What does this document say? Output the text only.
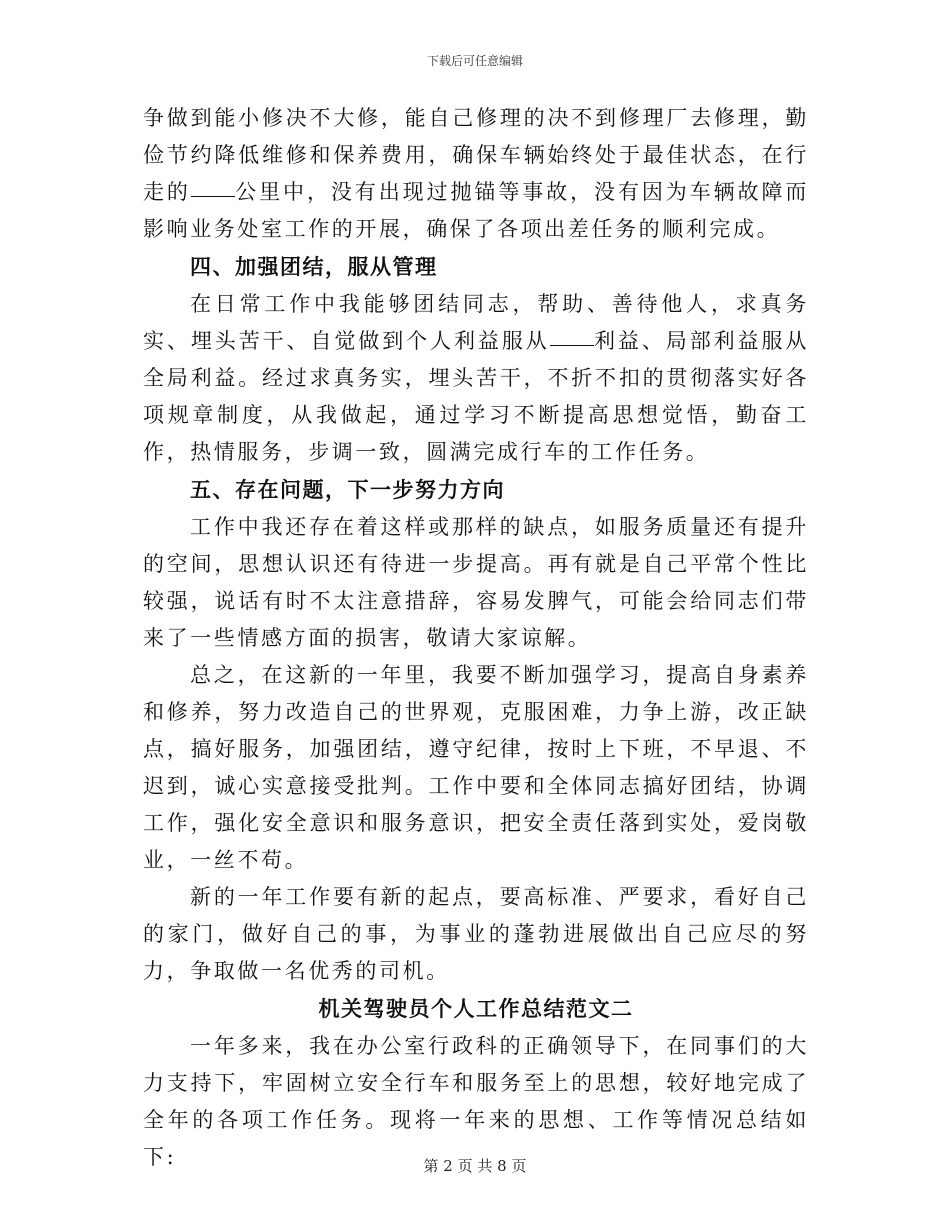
下载后可任意编辑

争做到能小修决不大修，能自己修理的决不到修理厂去修理，勤俭节约降低维修和保养费用，确保车辆始终处于最佳状态，在行走的 公里中，没有出现过抛锚等事故，没有因为车辆故障而影响业务处室工作的开展，确保了各项出差任务的顺利完成。

四、加强团结，服从管理

在日常工作中我能够团结同志，帮助、善待他人，求真务实、埋头苦干、自觉做到个人利益服从 利益、局部利益服从全局利益。经过求真务实，埋头苦干，不折不扣的贯彻落实好各项规章制度，从我做起，通过学习不断提高思想觉悟，勤奋工作，热情服务，步调一致，圆满完成行车的工作任务。

五、存在问题，下一步努力方向

工作中我还存在着这样或那样的缺点，如服务质量还有提升的空间，思想认识还有待进一步提高。再有就是自己平常个性比较强，说话有时不太注意措辞，容易发脾气，可能会给同志们带来了一些情感方面的损害，敬请大家谅解。

总之，在这新的一年里，我要不断加强学习，提高自身素养和修养，努力改造自己的世界观，克服困难，力争上游，改正缺点，搞好服务，加强团结，遵守纪律，按时上下班，不早退、不迟到，诚心实意接受批判。工作中要和全体同志搞好团结，协调工作，强化安全意识和服务意识，把安全责任落到实处，爱岗敬业，一丝不苟。

新的一年工作要有新的起点，要高标准、严要求，看好自己的家门，做好自己的事，为事业的蓬勃进展做出自己应尽的努力，争取做一名优秀的司机。

机关驾驶员个人工作总结范文二

一年多来，我在办公室行政科的正确领导下，在同事们的大力支持下，牢固树立安全行车和服务至上的思想，较好地完成了全年的各项工作任务。现将一年来的思想、工作等情况总结如下:	第 2 页 共 8 页
